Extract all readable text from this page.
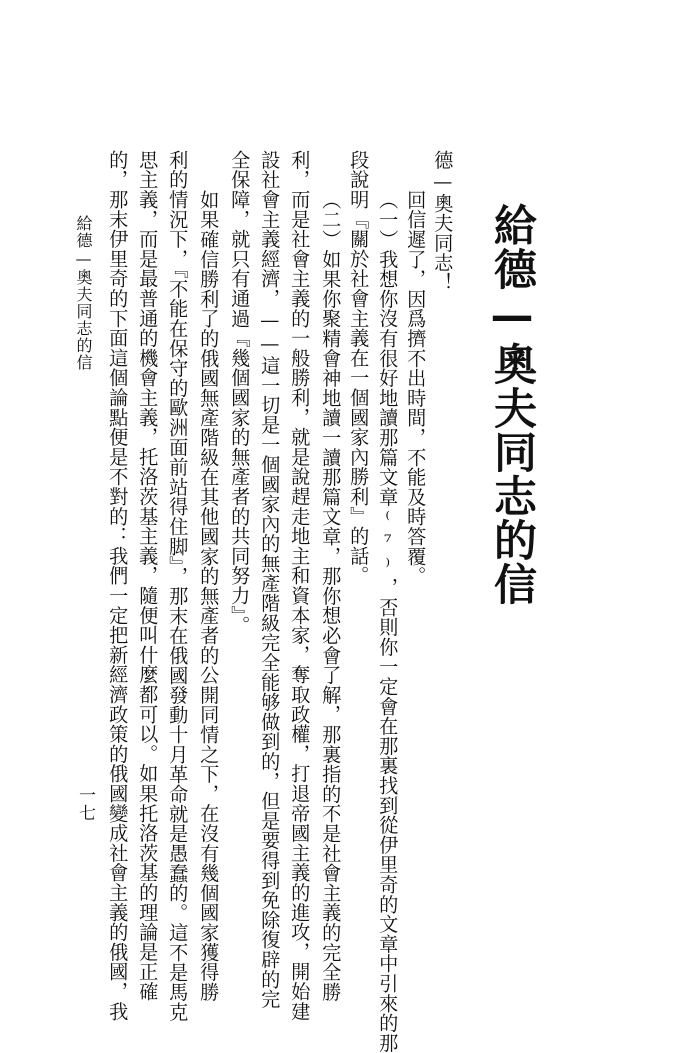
給德—奧夫同志的信
德—奧夫同志！
回信遲了，因爲擠不出時間，不能及時答覆。
（一）我想你沒有很好地讀那篇文章⁽⁷⁾，否則你一定會在那裏找到從伊里奇的文章中引來的那
段說明『關於社會主義在一個國家內勝利』的話。
（二）如果你聚精會神地讀一讀那篇文章，那你想必會了解，那裏指的不是社會主義的完全勝
利，而是社會主義的一般勝利，就是說趕走地主和資本家，奪取政權，打退帝國主義的進攻，開始建
設社會主義經濟，——這一切是一個國家內的無產階級完全能够做到的，但是要得到免除復辟的完
全保障，就只有通過『幾個國家的無產者的共同努力』。
如果確信勝利了的俄國無產階級在其他國家的無產者的公開同情之下，在沒有幾個國家獲得勝
利的情況下，『不能在保守的歐洲面前站得住脚』，那末在俄國發動十月革命就是愚蠢的。這不是馬克
思主義，而是最普通的機會主義，托洛茨基主義，隨便叫什麼都可以。如果托洛茨基的理論是正確
的，那末伊里奇的下面這個論點便是不對的：我們一定把新經濟政策的俄國變成社會主義的俄國，我
給德—奧夫同志的信
一七
